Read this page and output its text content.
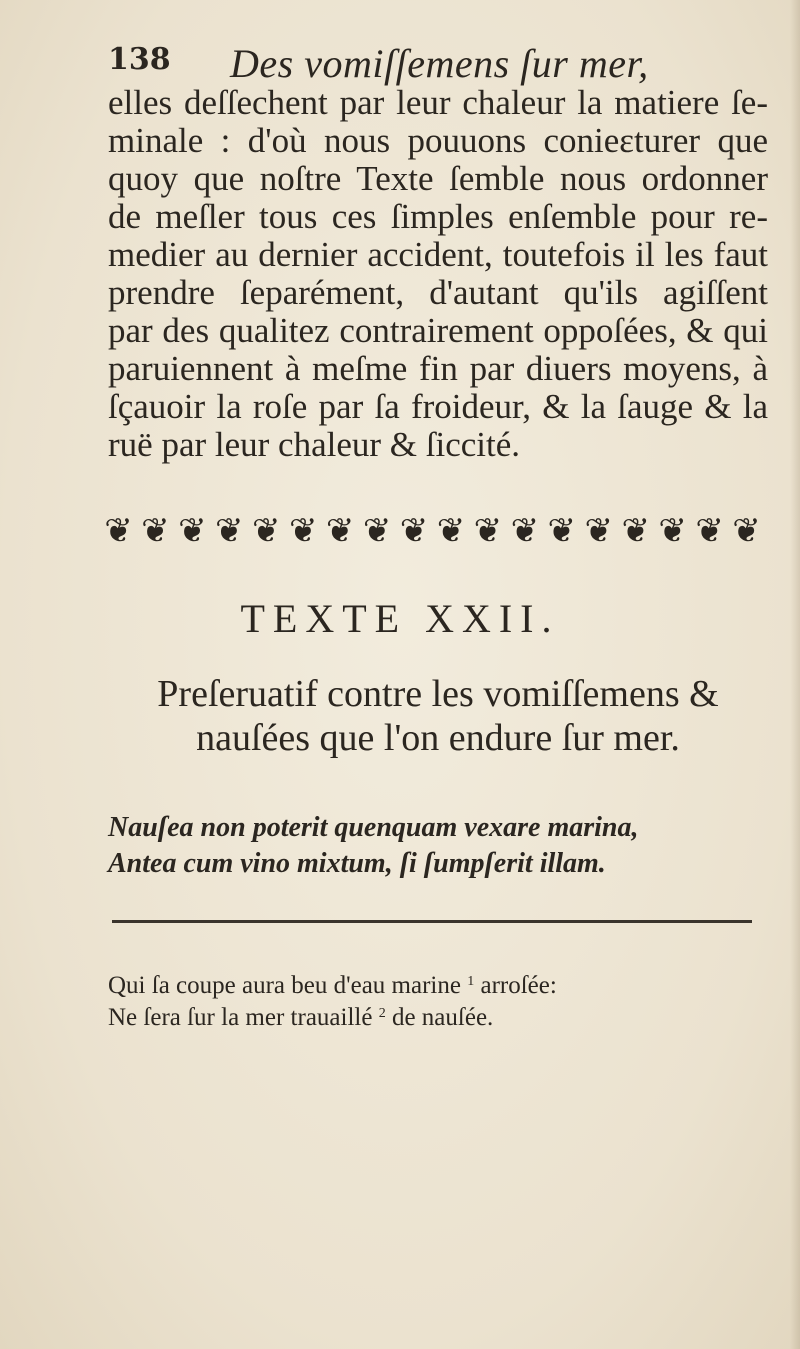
138 Des vomiſſemens ſur mer,
elles deſſechent par leur chaleur la matiere ſe-
minale : d'où nous pouuons conieɛturer que
quoy que noſtre Texte ſemble nous ordonner
de meſler tous ces ſimples enſemble pour re-
medier au dernier accident, toutefois il les faut
prendre ſeparément, d'autant qu'ils agiſſent
par des qualitez contrairement oppoſées, & qui
paruiennent à meſme fin par diuers moyens, à
ſçauoir la roſe par ſa froideur, & la ſauge & la
ruë par leur chaleur & ſiccité.
❦ ❦ ❦ ❦ ❦ ❦ ❦ ❦ ❦ ❦ ❦ ❦ ❦ ❦ ❦ ❦ ❦ ❦
TEXTE XXII.
Preſeruatif contre les vomiſſemens &
nauſées que l'on endure ſur mer.
Nauſea non poterit quenquam vexare marina,
Antea cum vino mixtum, ſi ſumpſerit illam.
Qui ſa coupe aura beu d'eau marine $^1$ arroſée:
Ne ſera ſur la mer trauaillé $^2$ de nauſée.
